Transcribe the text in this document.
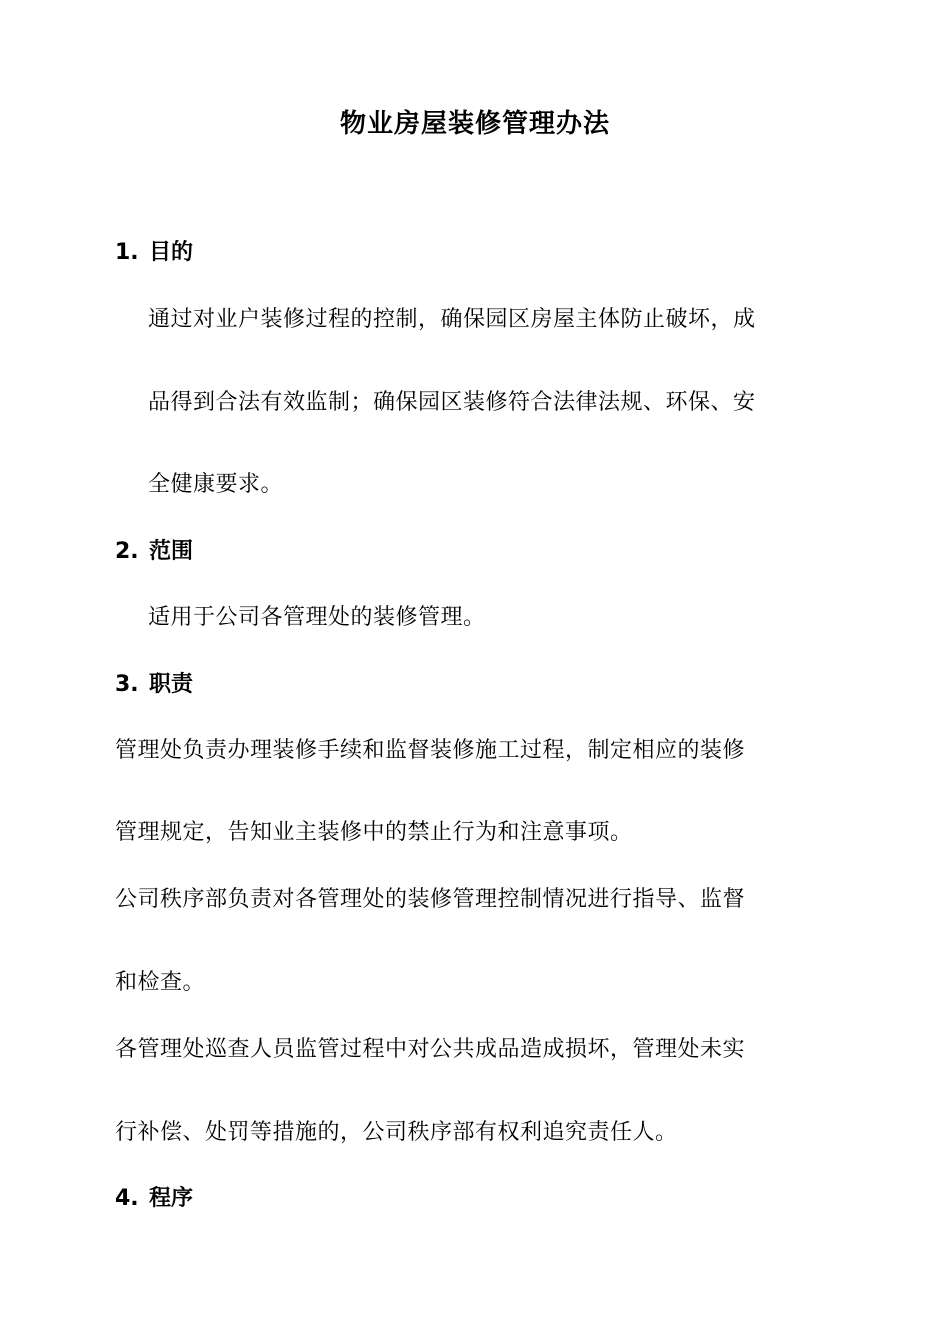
物业房屋装修管理办法
1. 目的
通过对业户装修过程的控制，确保园区房屋主体防止破坏，成
品得到合法有效监制；确保园区装修符合法律法规、环保、安
全健康要求。
2. 范围
适用于公司各管理处的装修管理。
3. 职责
管理处负责办理装修手续和监督装修施工过程，制定相应的装修
管理规定，告知业主装修中的禁止行为和注意事项。
公司秩序部负责对各管理处的装修管理控制情况进行指导、监督
和检查。
各管理处巡查人员监管过程中对公共成品造成损坏，管理处未实
行补偿、处罚等措施的，公司秩序部有权利追究责任人。
4. 程序
